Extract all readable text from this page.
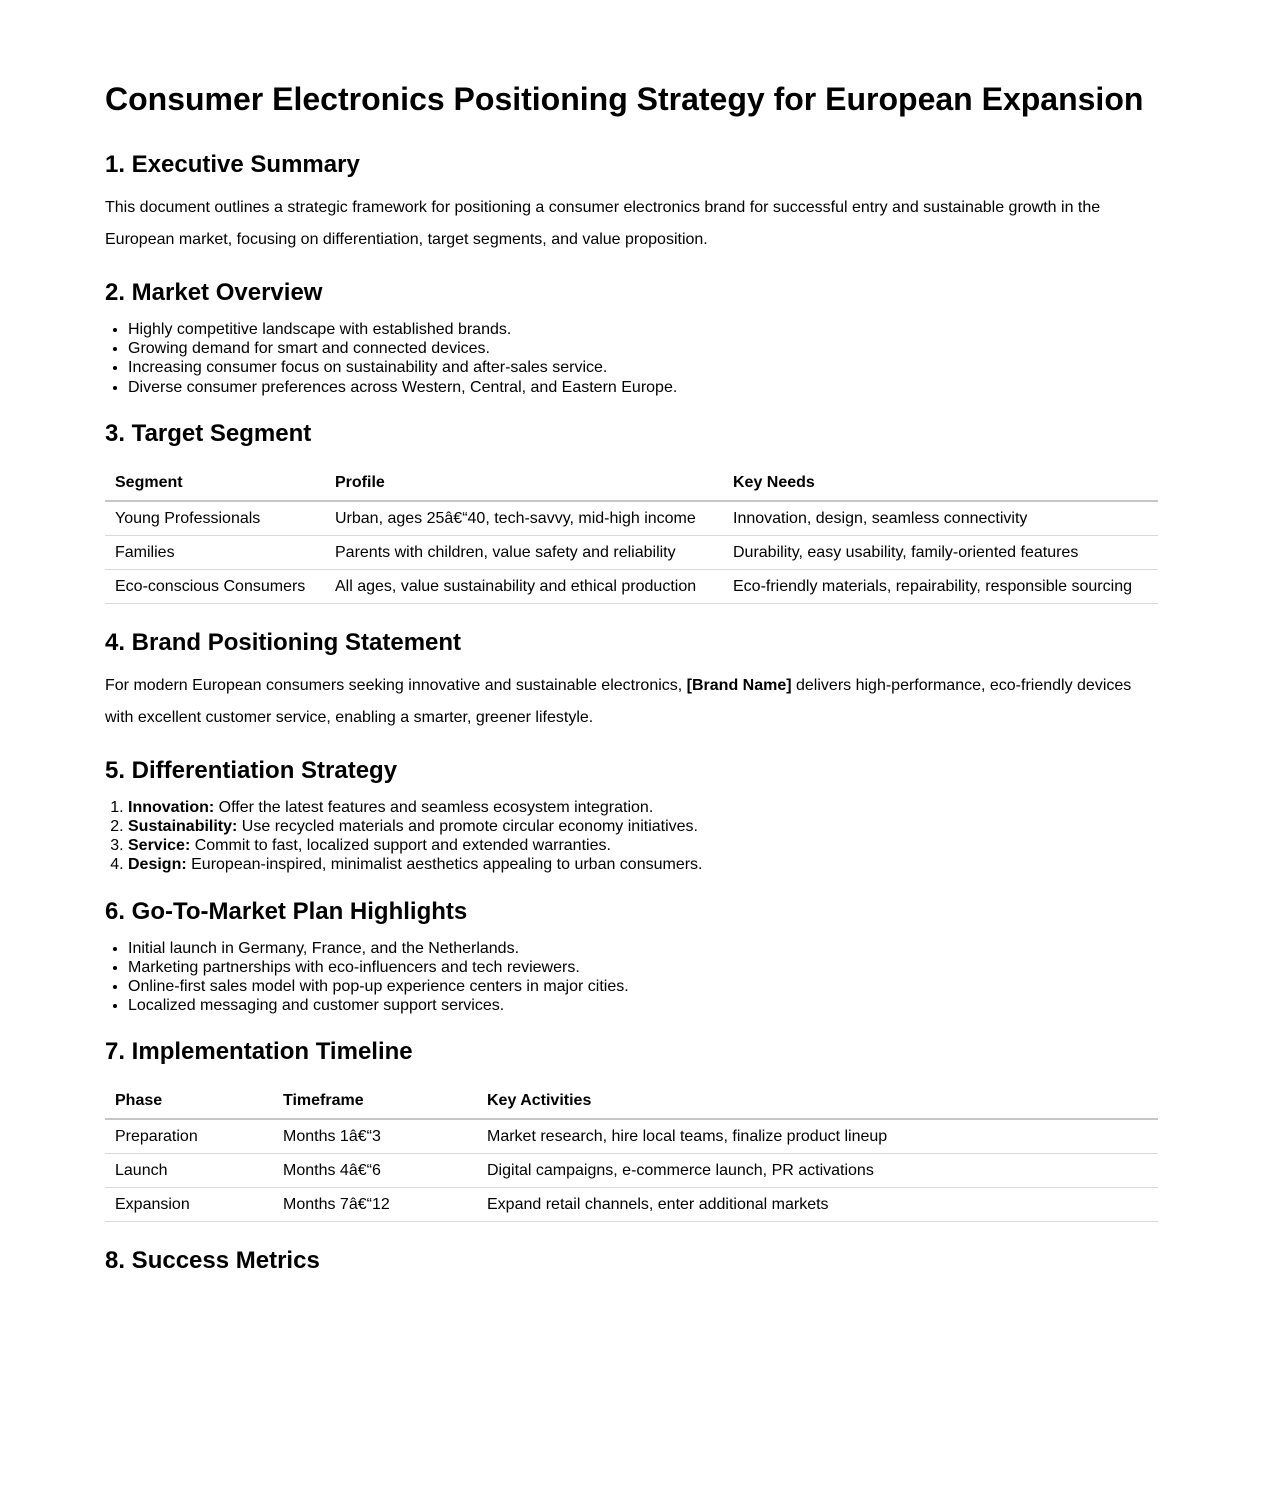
Consumer Electronics Positioning Strategy for European Expansion
1. Executive Summary

This document outlines a strategic framework for positioning a consumer electronics brand for successful entry and sustainable growth in the European market, focusing on differentiation, target segments, and value proposition.

2. Market Overview
• Highly competitive landscape with established brands.
• Growing demand for smart and connected devices.
• Increasing consumer focus on sustainability and after-sales service.
• Diverse consumer preferences across Western, Central, and Eastern Europe.
3. Target Segment
Segment	Profile	Key Needs
Young Professionals	Urban, ages 25â€“40, tech-savvy, mid-high income	Innovation, design, seamless connectivity
Families	Parents with children, value safety and reliability	Durability, easy usability, family-oriented features
Eco-conscious Consumers	All ages, value sustainability and ethical production	Eco-friendly materials, repairability, responsible sourcing
4. Brand Positioning Statement

For modern European consumers seeking innovative and sustainable electronics, [Brand Name] delivers high-performance, eco-friendly devices with excellent customer service, enabling a smarter, greener lifestyle.

5. Differentiation Strategy
1. Innovation: Offer the latest features and seamless ecosystem integration.
2. Sustainability: Use recycled materials and promote circular economy initiatives.
3. Service: Commit to fast, localized support and extended warranties.
4. Design: European-inspired, minimalist aesthetics appealing to urban consumers.
6. Go-To-Market Plan Highlights
• Initial launch in Germany, France, and the Netherlands.
• Marketing partnerships with eco-influencers and tech reviewers.
• Online-first sales model with pop-up experience centers in major cities.
• Localized messaging and customer support services.
7. Implementation Timeline
Phase	Timeframe	Key Activities
Preparation	Months 1â€“3	Market research, hire local teams, finalize product lineup
Launch	Months 4â€“6	Digital campaigns, e-commerce launch, PR activations
Expansion	Months 7â€“12	Expand retail channels, enter additional markets
8. Success Metrics
